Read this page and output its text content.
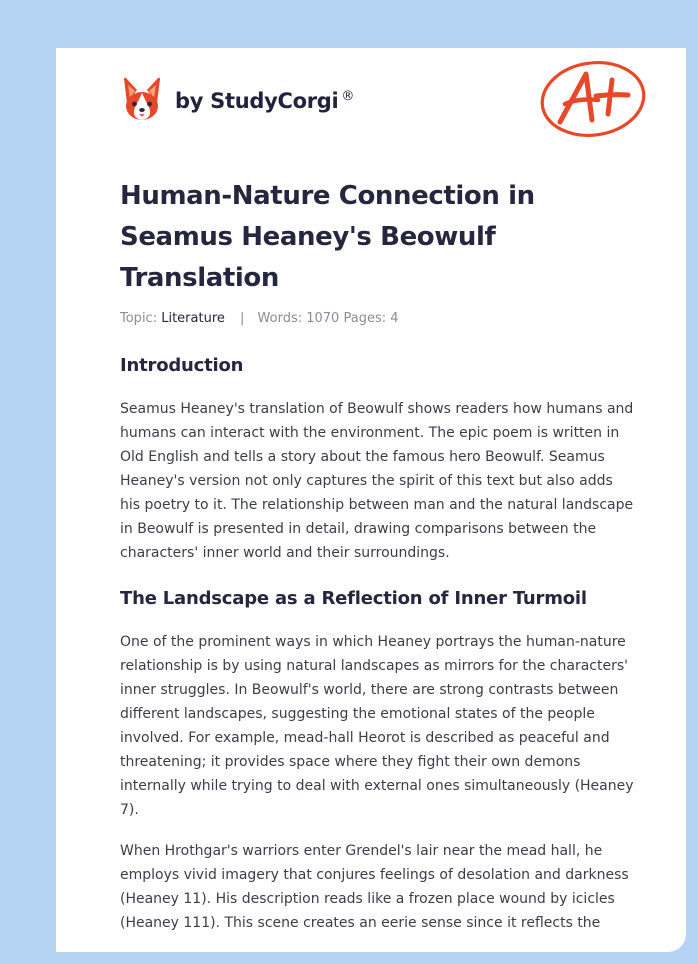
by StudyCorgi ®
Human-Nature Connection in Seamus Heaney's Beowulf Translation
Topic: Literature | Words: 1070 Pages: 4
Introduction

Seamus Heaney's translation of Beowulf shows readers how humans and humans can interact with the environment. The epic poem is written in Old English and tells a story about the famous hero Beowulf. Seamus Heaney's version not only captures the spirit of this text but also adds his poetry to it. The relationship between man and the natural landscape in Beowulf is presented in detail, drawing comparisons between the characters' inner world and their surroundings.

The Landscape as a Reflection of Inner Turmoil

One of the prominent ways in which Heaney portrays the human-nature relationship is by using natural landscapes as mirrors for the characters' inner struggles. In Beowulf's world, there are strong contrasts between different landscapes, suggesting the emotional states of the people involved. For example, mead-hall Heorot is described as peaceful and threatening; it provides space where they fight their own demons internally while trying to deal with external ones simultaneously (Heaney 7).

When Hrothgar's warriors enter Grendel's lair near the mead hall, he employs vivid imagery that conjures feelings of desolation and darkness (Heaney 11). His description reads like a frozen place wound by icicles (Heaney 111). This scene creates an eerie sense since it reflects the
